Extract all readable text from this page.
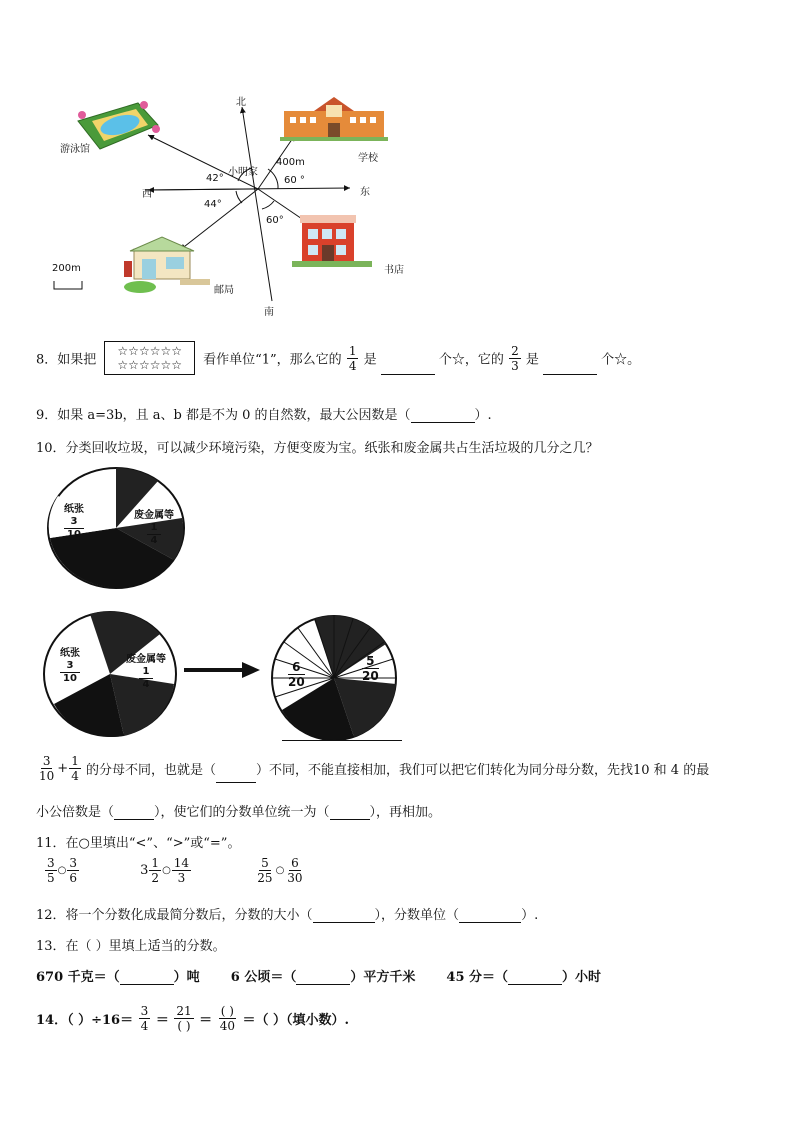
北
南
东
西
小明家
学校
游泳馆
邮局
书店
400m
200m
42°	60 °
44°
60°
8．如果把 ☆☆☆☆☆☆
☆☆☆☆☆☆ 看作单位“1”，那么它的 $\frac{1}{4}$ 是	个☆，它的 $\frac{2}{3}$ 是	个☆。
9．如果 a=3b，且 a、b 都是不为 0 的自然数，最大公因数是（	）.
10．分类回收垃圾，可以减少环境污染，方便变废为宝。纸张和废金属共占生活垃圾的几分之几？
纸张

3
10
废金属等

1
4
纸张

3
10
废金属等

1
4	$\frac{6}{20}$	$\frac{5}{20}$
$\frac{3}{10} + \frac{1}{4}$ 的分母不同，也就是（	）不同，不能直接相加，我们可以把它们转化为同分母分数，先找10 和 4 的最
小公倍数是（	），使它们的分数单位统一为（	），再相加。
11．在○里填出“<”、“>”或“=”。
$\frac{3}{5}$ ○ $\frac{3}{6}$	$3 \frac{1}{2}$ ○ $\frac{14}{3}$
	$\frac{5}{25}$ ○ $\frac{6}{30}$
12．将一个分数化成最简分数后，分数的大小（	），分数单位（	）.
13．在（ ）里填上适当的分数。
670 千克＝（	）吨 6 公顷＝（	）平方千米 45 分＝（	）小时
14．（ ）$\div 16= \frac{3}{4} = \frac{21}{( )} = \frac{( )}{40}$ ＝（ ）（填小数）.
